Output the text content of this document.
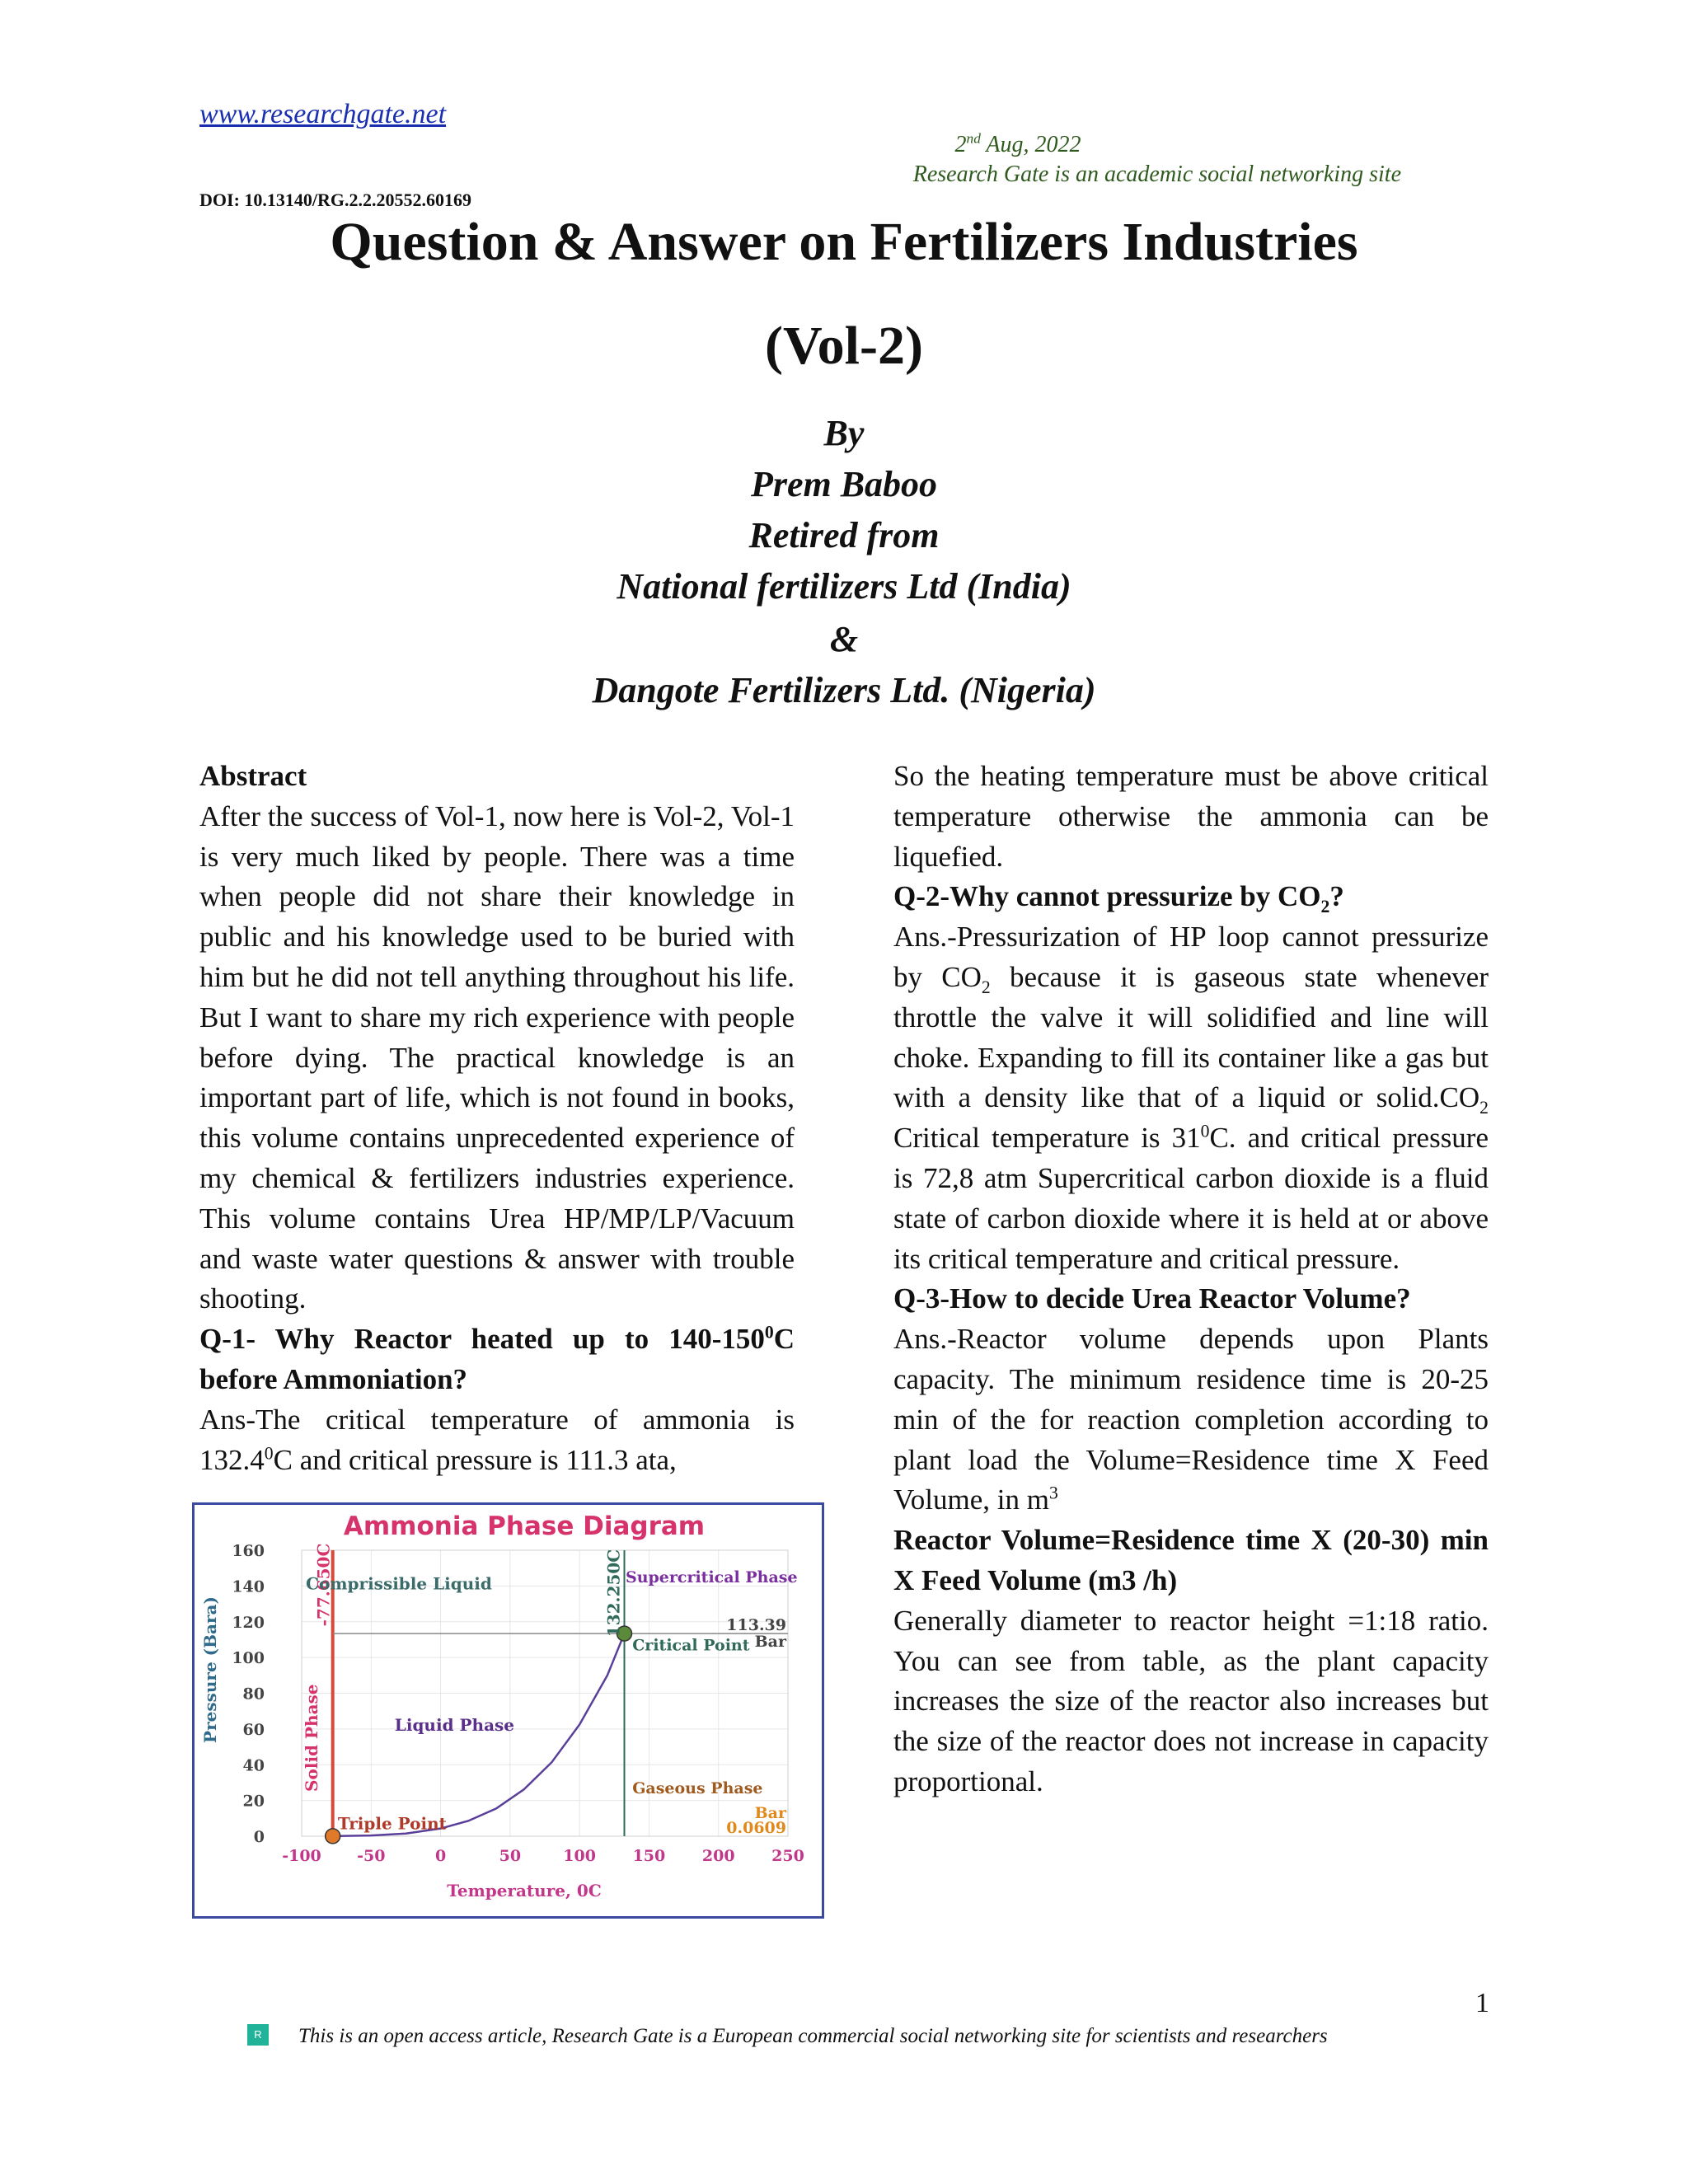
www.researchgate.net
2nd Aug, 2022
Research Gate is an academic social networking site
DOI: 10.13140/RG.2.2.20552.60169
Question & Answer on Fertilizers Industries
(Vol-2)
By
Prem Baboo
Retired from
National fertilizers Ltd (India)
&
Dangote Fertilizers Ltd. (Nigeria)

Abstract

After the success of Vol-1, now here is Vol-2, Vol-1 is very much liked by people. There was a time when people did not share their knowledge in public and his knowledge used to be buried with him but he did not tell anything throughout his life. But I want to share my rich experience with people before dying. The practical knowledge is an important part of life, which is not found in books, this volume contains unprecedented experience of my chemical & fertilizers industries experience. This volume contains Urea HP/MP/LP/Vacuum and waste water questions & answer with trouble shooting.

Q-1- Why Reactor heated up to $140-150^0C$ before Ammoniation?

Ans-The critical temperature of ammonia is 132.4$^0$C and critical pressure is 111.3 ata,

So the heating temperature must be above critical temperature otherwise the ammonia can be liquefied.

Q-2-Why cannot pressurize by $CO_2$?

Ans.-Pressurization of HP loop cannot pressurize by $CO_2$ because it is gaseous state whenever throttle the valve it will solidified and line will choke. Expanding to fill its container like a gas but with a density like that of a liquid or $solid.CO_2$ Critical temperature is $31^0C$. and critical pressure is 72,8 atm Supercritical carbon dioxide is a fluid state of carbon dioxide where it is held at or above its critical temperature and critical pressure.

Q-3-How to decide Urea Reactor Volume?

Ans.-Reactor volume depends upon Plants capacity. The minimum residence time is 20-25 min of the for reaction completion according to plant load the Volume=Residence time X Feed Volume, in $m^3$

Reactor Volume=Residence time X (20-30) min X Feed Volume (m3 /h)

Generally diameter to reactor height =1:18 ratio. You can see from table, as the plant capacity increases the size of the reactor also increases but the size of the reactor does not increase in capacity proportional.

Ammonia Phase Diagram
-100 -50	0	50	100 150 200 250
0
20
40
60
80
100
120
140
160	-77.650C	132.250C
Comprissible Liquid	Supercritical Phase
Critical Point
Liquid Phase
Gaseous Phase
Triple Point
Solid Phase
113.39
Bar
Bar
0.0609
Temperature, 0C
Pressure (Bara)
1
R	This is an open access article, Research Gate is a European commercial social networking site for scientists and researchers
